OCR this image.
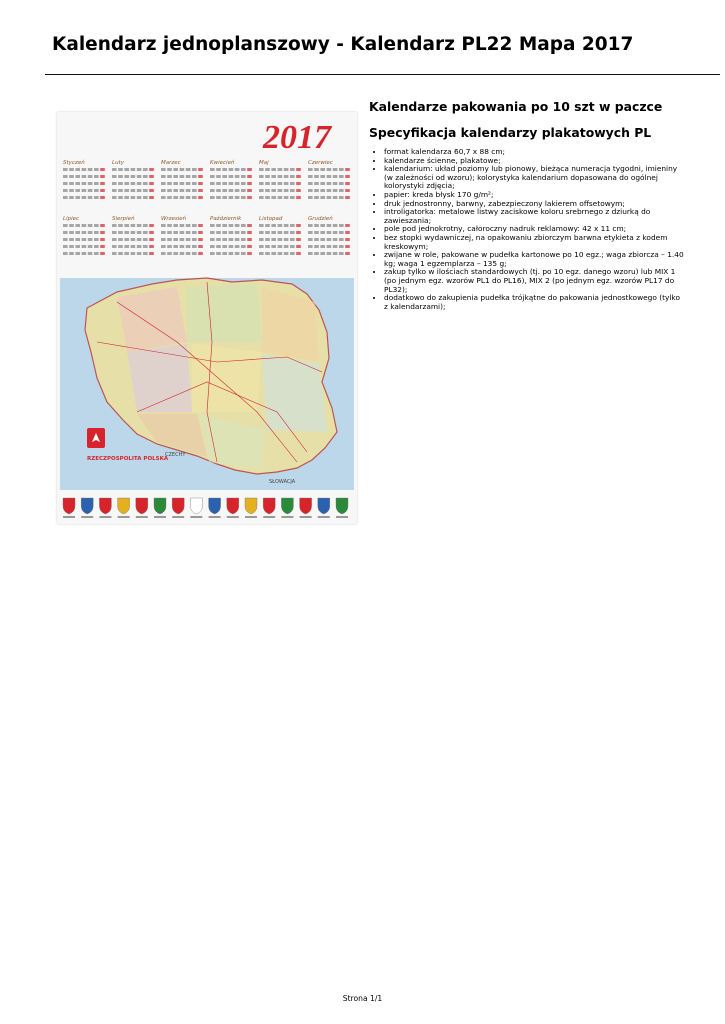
Kalendarz jednoplanszowy - Kalendarz PL22 Mapa 2017
2017
Styczeń	Luty	Marzec	Kwiecień	Maj	Czerwiec
Lipiec	Sierpień	Wrzesień	Październik	Listopad	Grudzień
RZECZPOSPOLITA POLSKA
SŁOWACJA
CZECHY
Kalendarze pakowania po 10 szt w paczce
Specyfikacja kalendarzy plakatowych PL
• format kalendarza 60,7 x 88 cm;
• kalendarze ścienne, plakatowe;
• kalendarium: układ poziomy lub pionowy, bieżąca numeracja tygodni, imieniny (w zależności od wzoru); kolorystyka kalendarium dopasowana do ogólnej kolorystyki zdjęcia;
• papier: kreda błysk 170 g/m²;
• druk jednostronny, barwny, zabezpieczony lakierem offsetowym;
• introligatorka: metalowe listwy zaciskowe koloru srebrnego z dziurką do zawieszania;
• pole pod jednokrotny, całoroczny nadruk reklamowy: 42 x 11 cm;
• bez stopki wydawniczej, na opakowaniu zbiorczym barwna etykieta z kodem kreskowym;
• zwijane w role, pakowane w pudełka kartonowe po 10 egz.; waga zbiorcza – 1.40 kg; waga 1 egzemplarza – 135 g;
• zakup tylko w ilościach standardowych (tj. po 10 egz. danego wzoru) lub MIX 1 (po jednym egz. wzorów PL1 do PL16), MIX 2 (po jednym egz. wzorów PL17 do PL32);
• dodatkowo do zakupienia pudełka trójkątne do pakowania jednostkowego (tylko z kalendarzami);
Strona 1/1
